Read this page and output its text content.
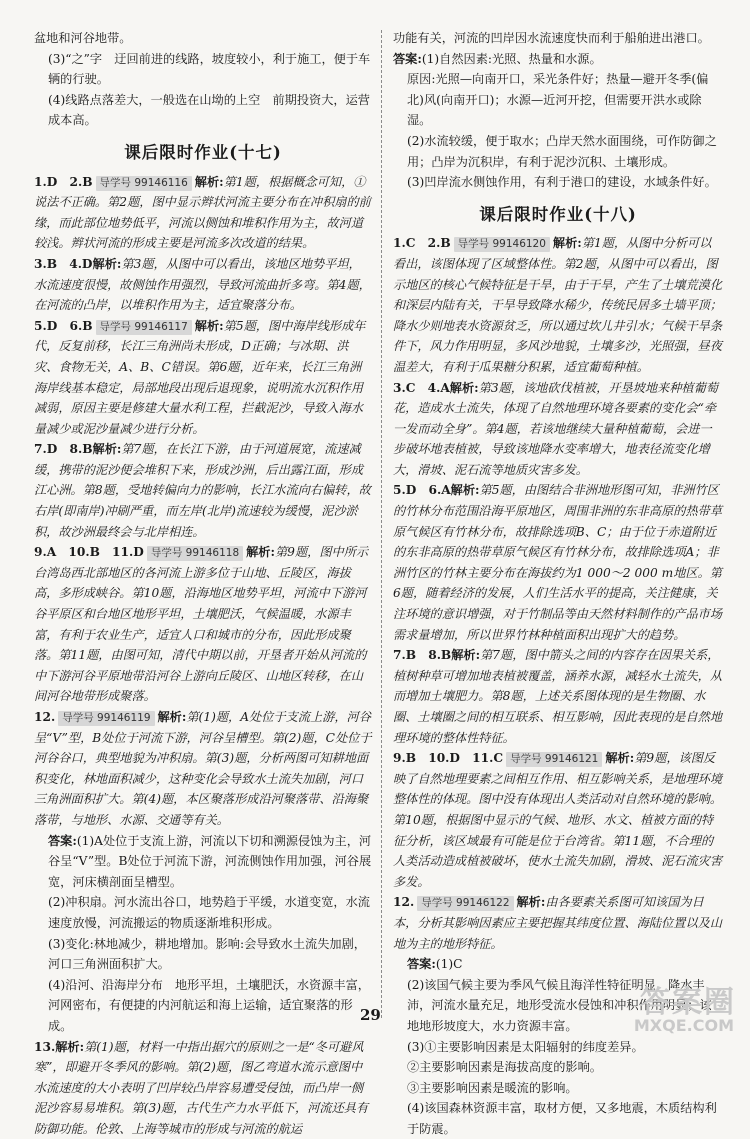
盆地和河谷地带。

(3)“之”字　迂回前进的线路，坡度较小，利于施工，便于车辆的行驶。

(4)线路点落差大，一般选在山坳的上空　前期投资大，运营成本高。

课后限时作业(十七)

1.D　2.B 导学号 99146116 解析:第1题，根据概念可知，①说法不正确。第2题，图中显示辫状河流主要分布在冲积扇的前缘，而此部位地势低平，河流以侧蚀和堆积作用为主，故河道较浅。辫状河流的形成主要是河流多次改道的结果。

3.B　4.D解析:第3题，从图中可以看出，该地区地势平坦，水流速度很慢，故侧蚀作用强烈，导致河流曲折多弯。第4题，在河流的凸岸，以堆积作用为主，适宜聚落分布。

5.D　6.B 导学号 99146117 解析:第5题，图中海岸线形成年代，反复前移，长江三角洲尚未形成，D正确；与冰期、洪灾、食物无关，A、B、C错误。第6题，近年来，长江三角洲海岸线基本稳定，局部地段出现后退现象，说明流水沉积作用减弱，原因主要是修建大量水利工程，拦截泥沙，导致入海水量减少或泥沙量减少进行分析。

7.D　8.B解析:第7题，在长江下游，由于河道展宽，流速减缓，携带的泥沙便会堆积下来，形成沙洲，后出露江面，形成江心洲。第8题，受地转偏向力的影响，长江水流向右偏转，故右岸(即南岸)冲刷严重，而左岸(北岸)流速较为缓慢，泥沙淤积，故沙洲最终会与北岸相连。

9.A　10.B　11.D 导学号 99146118 解析:第9题，图中所示台湾岛西北部地区的各河流上游多位于山地、丘陵区，海拔高，多形成峡谷。第10题，沿海地区地势平坦，河流中下游河谷平原区和台地区地形平坦，土壤肥沃，气候温暖，水源丰富，有利于农业生产，适宜人口和城市的分布，因此形成聚落。第11题，由图可知，清代中期以前，开垦者开始从河流的中下游河谷平原地带沿河谷上游向丘陵区、山地区转移，在山间河谷地带形成聚落。

12. 导学号 99146119 解析:第(1)题，A处位于支流上游，河谷呈“V”型，B处位于河流下游，河谷呈槽型。第(2)题，C处位于河谷谷口，典型地貌为冲积扇。第(3)题，分析两图可知耕地面积变化，林地面积减少，这种变化会导致水土流失加剧，河口三角洲面积扩大。第(4)题，本区聚落形成沿河聚落带、沿海聚落带，与地形、水源、交通等有关。

答案:(1)A处位于支流上游，河流以下切和溯源侵蚀为主，河谷呈“V”型。B处位于河流下游，河流侧蚀作用加强，河谷展宽，河床横剖面呈槽型。

(2)冲积扇。河水流出谷口，地势趋于平缓，水道变宽，水流速度放慢，河流搬运的物质逐渐堆积形成。

(3)变化:林地减少，耕地增加。影响:会导致水土流失加剧，河口三角洲面积扩大。

(4)沿河、沿海岸分布　地形平坦，土壤肥沃，水资源丰富，河网密布，有便捷的内河航运和海上运输，适宜聚落的形成。

13.解析:第(1)题，材料一中指出据穴的原则之一是“冬可避风寒”，即避开冬季风的影响。第(2)题，图乙弯道水流示意图中水流速度的大小表明了凹岸较凸岸容易遭受侵蚀，而凸岸一侧泥沙容易易堆积。第(3)题，古代生产力水平低下，河流还具有防御功能。伦敦、上海等城市的形成与河流的航运

功能有关，河流的凹岸因水流速度快而利于船舶进出港口。

答案:(1)自然因素:光照、热量和水源。

原因:光照—向南开口，采光条件好；热量—避开冬季(偏北)风(向南开口)；水源—近河开挖，但需要开洪水或除湿。

(2)水流较缓，便于取水；凸岸天然水面围绕，可作防御之用；凸岸为沉积岸，有利于泥沙沉积、土壤形成。

(3)凹岸流水侧蚀作用，有利于港口的建设，水域条件好。

课后限时作业(十八)

1.C　2.B 导学号 99146120 解析:第1题，从图中分析可以看出，该图体现了区域整体性。第2题，从图中可以看出，图示地区的核心气候特征是干旱，由于干旱，产生了土壤荒漠化和深层内陆有关，干旱导致降水稀少，传统民居多土墙平顶；降水少则地表水资源贫乏，所以通过坎儿井引水；气候干旱条件下，风力作用明显，多风沙地貌，土壤多沙，光照强，昼夜温差大，有利于瓜果糖分积累，适宜葡萄种植。

3.C　4.A解析:第3题，该地砍伐植被，开垦坡地来种植葡萄花，造成水土流失，体现了自然地理环境各要素的变化会“牵一发而动全身”。第4题，若该地继续大量种植葡萄，会进一步破坏地表植被，导致该地降水变率增大，地表径流变化增大，滑坡、泥石流等地质灾害多发。

5.D　6.A解析:第5题，由图结合非洲地形图可知，非洲竹区的竹林分布范围沿海平原地区，周围非洲的东非高原的热带草原气候区有竹林分布，故排除选项B、C；由于位于赤道附近的东非高原的热带草原气候区有竹林分布，故排除选项A；非洲竹区的竹林主要分布在海拔约为1 000～2 000 m地区。第6题，随着经济的发展，人们生活水平的提高，关注健康，关注环境的意识增强，对于竹制品等由天然材料制作的产品市场需求量增加，所以世界竹林种植面积出现扩大的趋势。

7.B　8.B解析:第7题，图中箭头之间的内容存在因果关系，植树种草可增加地表植被覆盖，涵养水源，减轻水土流失，从而增加土壤肥力。第8题，上述关系图体现的是生物圈、水圈、土壤圈之间的相互联系、相互影响，因此表现的是自然地理环境的整体性特征。

9.B　10.D　11.C 导学号 99146121 解析:第9题，该图反映了自然地理要素之间相互作用、相互影响关系，是地理环境整体性的体现。图中没有体现出人类活动对自然环境的影响。第10题，根据图中显示的气候、地形、水文、植被方面的特征分析，该区域最有可能是位于台湾省。第11题，不合理的人类活动造成植被破坏，使水土流失加剧，滑坡、泥石流灾害多发。

12. 导学号 99146122 解析:由各要素关系图可知该国为日本，分析其影响因素应主要把握其纬度位置、海陆位置以及山地为主的地形特征。

答案:(1)C

(2)该国气候主要为季风气候且海洋性特征明显，降水丰沛，河流水量充足，地形受流水侵蚀和冲积作用明显；该地地形坡度大，水力资源丰富。

(3)①主要影响因素是太阳辐射的纬度差异。

②主要影响因素是海拔高度的影响。

③主要影响因素是暖流的影响。

(4)该国森林资源丰富，取材方便，又多地震，木质结构利于防震。

29	答案圈
MXQE.COM
